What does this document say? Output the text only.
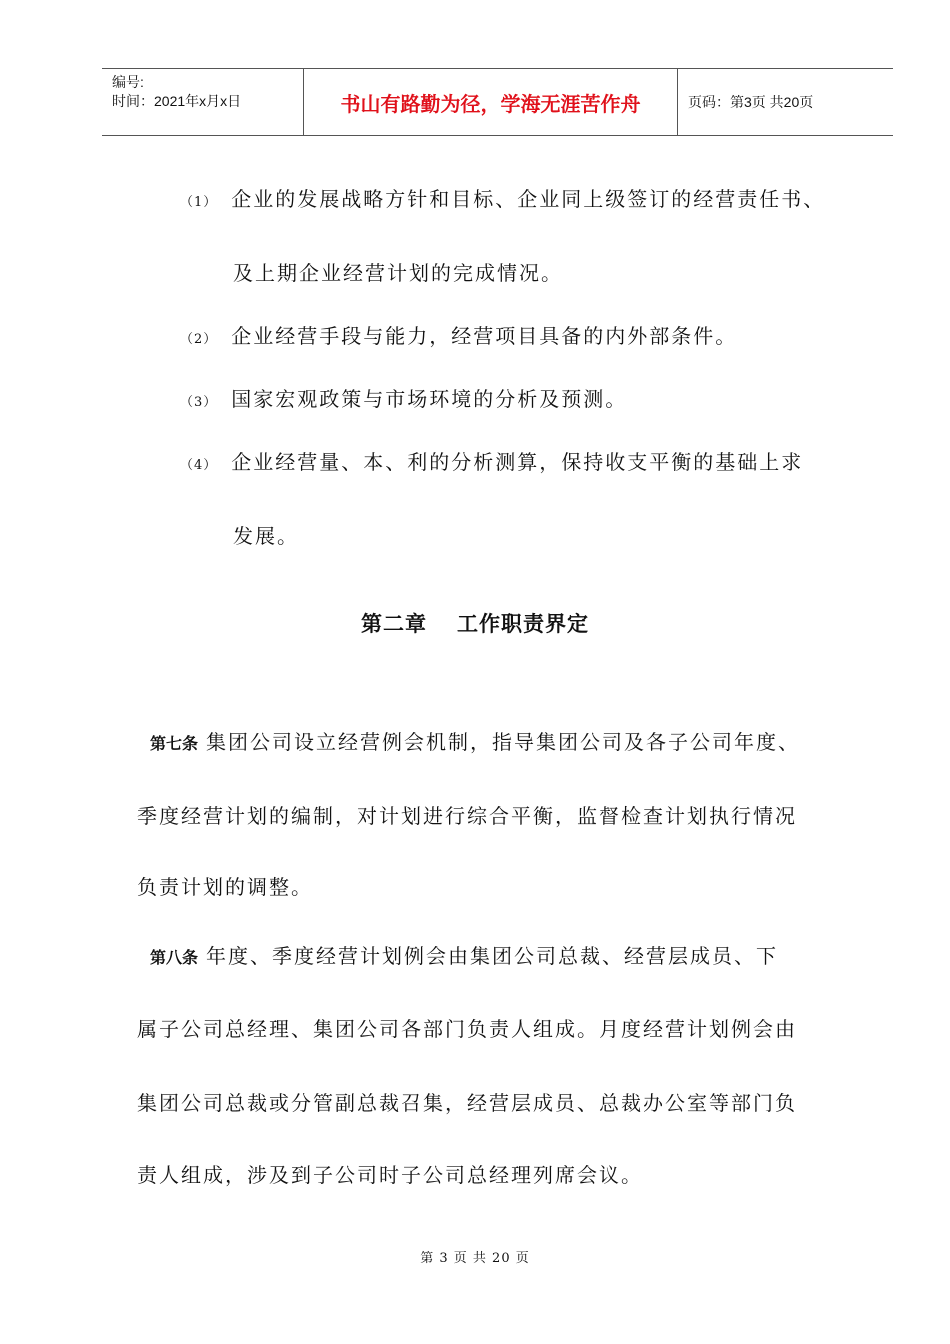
编号:
时间：2021年x月x日	书山有路勤为径，学海无涯苦作舟	页码：第3页 共20页
（1） 企业的发展战略方针和目标、企业同上级签订的经营责任书、
及上期企业经营计划的完成情况。
（2） 企业经营手段与能力，经营项目具备的内外部条件。
（3） 国家宏观政策与市场环境的分析及预测。
（4） 企业经营量、本、利的分析测算，保持收支平衡的基础上求
发展。
第二章 工作职责界定
第七条 集团公司设立经营例会机制，指导集团公司及各子公司年度、
季度经营计划的编制，对计划进行综合平衡，监督检查计划执行情况
负责计划的调整。
第八条 年度、季度经营计划例会由集团公司总裁、经营层成员、下
属子公司总经理、集团公司各部门负责人组成。月度经营计划例会由
集团公司总裁或分管副总裁召集，经营层成员、总裁办公室等部门负
责人组成，涉及到子公司时子公司总经理列席会议。
第 3 页 共 20 页
